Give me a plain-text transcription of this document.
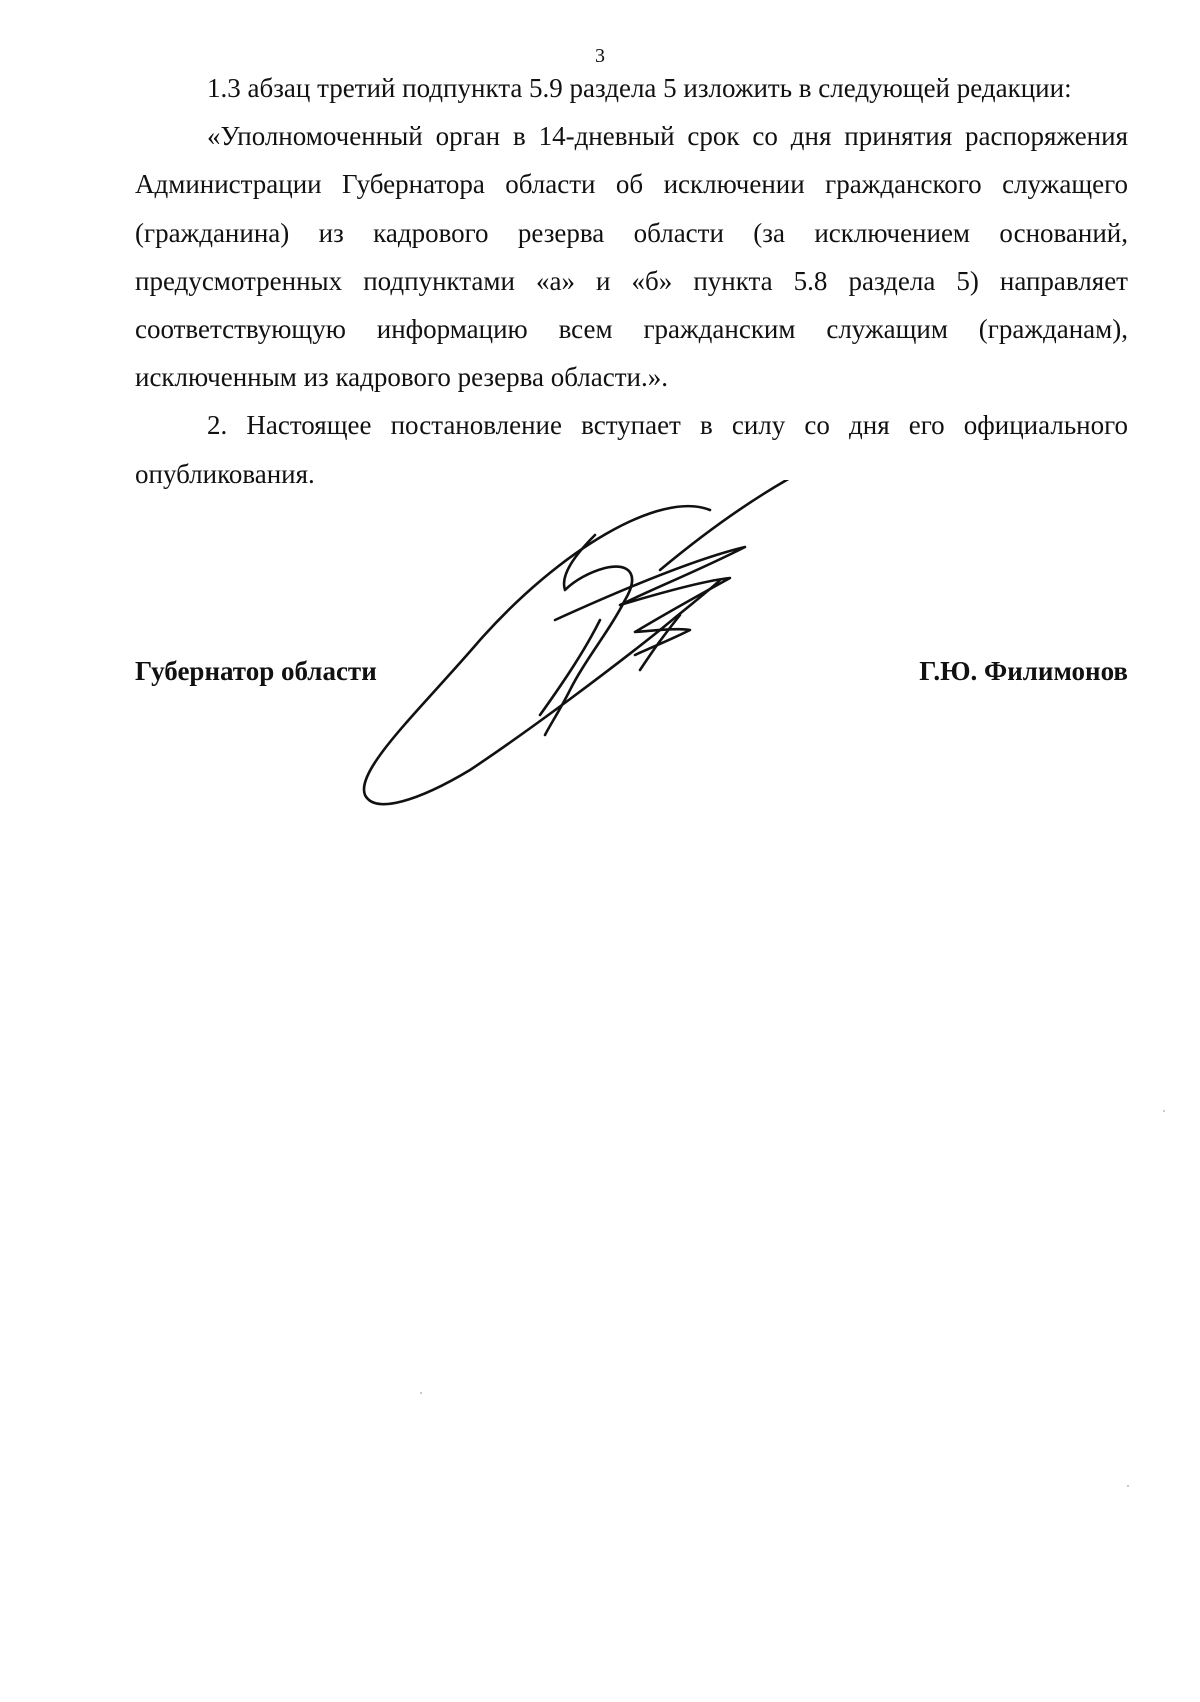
3

1.3 абзац третий подпункта 5.9 раздела 5 изложить в следующей редакции:

«Уполномоченный орган в 14-дневный срок со дня принятия распоряжения Администрации Губернатора области об исключении гражданского служащего (гражданина) из кадрового резерва области (за исключением оснований, предусмотренных подпунктами «а» и «б» пункта 5.8 раздела 5) направляет соответствующую информацию всем гражданским служащим (гражданам), исключенным из кадрового резерва области.».

2. Настоящее постановление вступает в силу со дня его официального опубликования.

Губернатор области	Г.Ю. Филимонов
